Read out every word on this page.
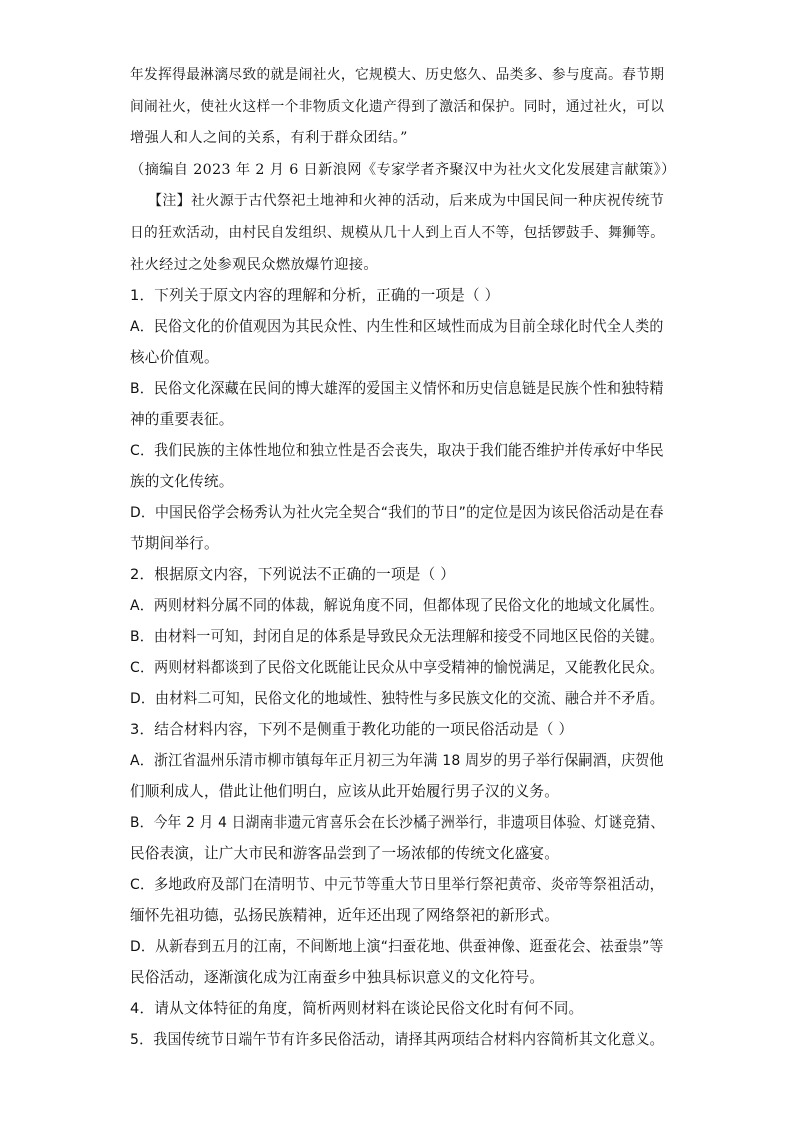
年发挥得最淋漓尽致的就是闹社火，它规模大、历史悠久、品类多、参与度高。春节期
间闹社火，使社火这样一个非物质文化遗产得到了激活和保护。同时，通过社火，可以
增强人和人之间的关系，有利于群众团结。”
（摘编自 2023 年 2 月 6 日新浪网《专家学者齐聚汉中为社火文化发展建言献策》）
【注】社火源于古代祭祀土地神和火神的活动，后来成为中国民间一种庆祝传统节
日的狂欢活动，由村民自发组织、规模从几十人到上百人不等，包括锣鼓手、舞狮等。
社火经过之处参观民众燃放爆竹迎接。
1．下列关于原文内容的理解和分析，正确的一项是（ ）
A．民俗文化的价值观因为其民众性、内生性和区域性而成为目前全球化时代全人类的
核心价值观。
B．民俗文化深藏在民间的博大雄浑的爱国主义情怀和历史信息链是民族个性和独特精
神的重要表征。
C．我们民族的主体性地位和独立性是否会丧失，取决于我们能否维护并传承好中华民
族的文化传统。
D．中国民俗学会杨秀认为社火完全契合“我们的节日”的定位是因为该民俗活动是在春
节期间举行。
2．根据原文内容，下列说法不正确的一项是（ ）
A．两则材料分属不同的体裁，解说角度不同，但都体现了民俗文化的地域文化属性。
B．由材料一可知，封闭自足的体系是导致民众无法理解和接受不同地区民俗的关键。
C．两则材料都谈到了民俗文化既能让民众从中享受精神的愉悦满足，又能教化民众。
D．由材料二可知，民俗文化的地域性、独特性与多民族文化的交流、融合并不矛盾。
3．结合材料内容，下列不是侧重于教化功能的一项民俗活动是（ ）
A．浙江省温州乐清市柳市镇每年正月初三为年满 18 周岁的男子举行保嗣酒，庆贺他
们顺利成人，借此让他们明白，应该从此开始履行男子汉的义务。
B．今年 2 月 4 日湖南非遗元宵喜乐会在长沙橘子洲举行，非遗项目体验、灯谜竞猜、
民俗表演，让广大市民和游客品尝到了一场浓郁的传统文化盛宴。
C．多地政府及部门在清明节、中元节等重大节日里举行祭祀黄帝、炎帝等祭祖活动，
缅怀先祖功德，弘扬民族精神，近年还出现了网络祭祀的新形式。
D．从新春到五月的江南，不间断地上演“扫蚕花地、供蚕神像、逛蚕花会、祛蚕祟”等
民俗活动，逐渐演化成为江南蚕乡中独具标识意义的文化符号。
4．请从文体特征的角度，简析两则材料在谈论民俗文化时有何不同。
5．我国传统节日端午节有许多民俗活动，请择其两项结合材料内容简析其文化意义。
